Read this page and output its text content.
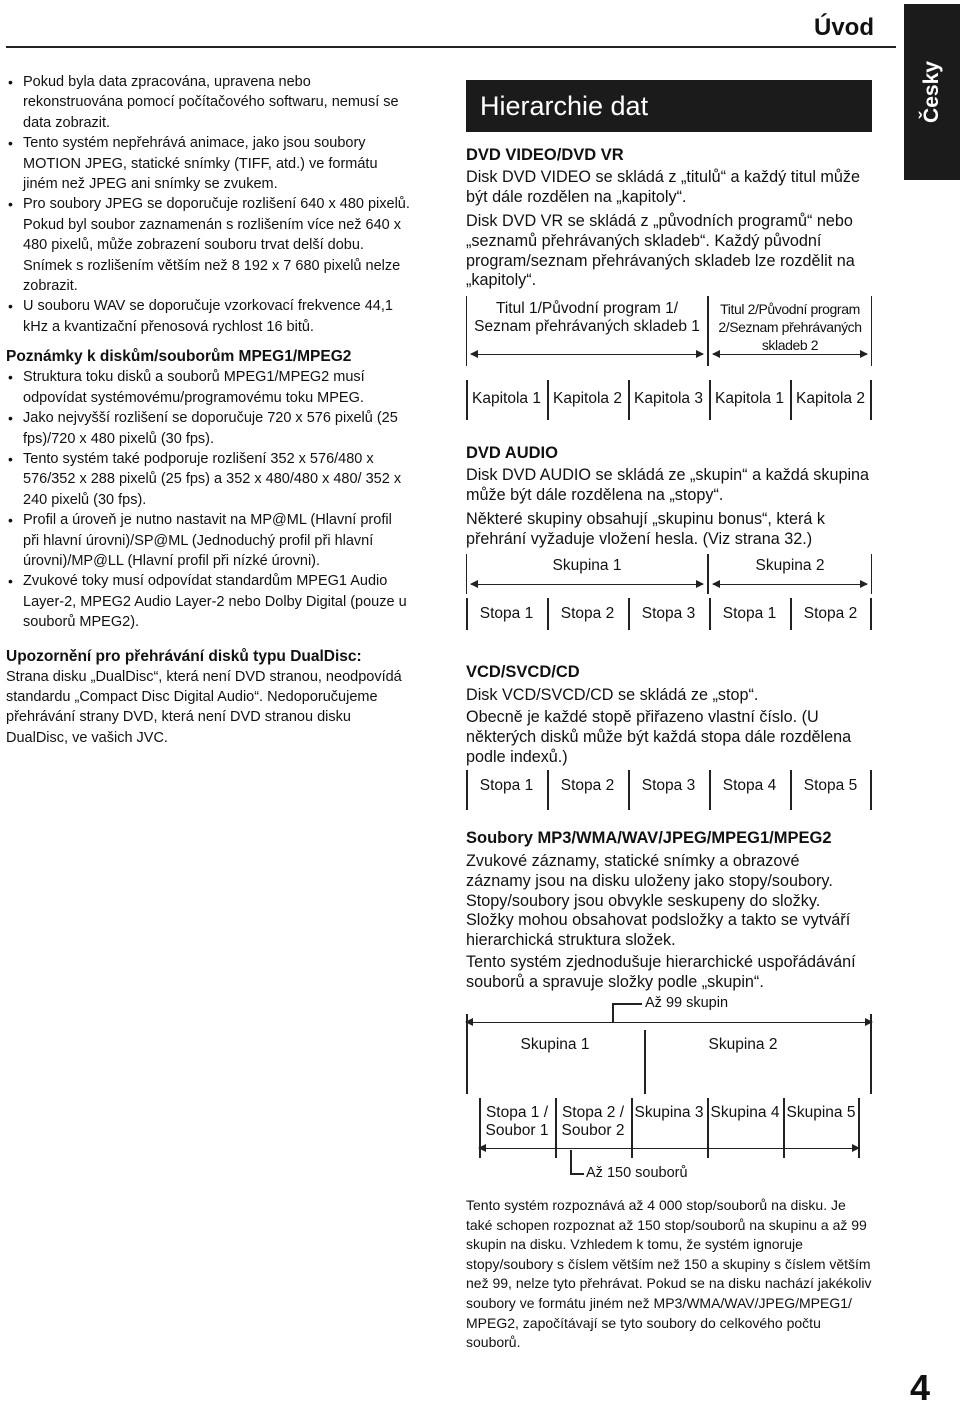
Úvod
Česky
• Pokud byla data zpracována, upravena nebo rekonstruována pomocí počítačového softwaru, nemusí se data zobrazit.
• Tento systém nepřehrává animace, jako jsou soubory MOTION JPEG, statické snímky (TIFF, atd.) ve formátu jiném než JPEG ani snímky se zvukem.
• Pro soubory JPEG se doporučuje rozlišení 640 x 480 pixelů. Pokud byl soubor zaznamenán s rozlišením více než 640 x 480 pixelů, může zobrazení souboru trvat delší dobu. Snímek s rozlišením větším než 8 192 x 7 680 pixelů nelze zobrazit.
• U souboru WAV se doporučuje vzorkovací frekvence 44,1 kHz a kvantizační přenosová rychlost 16 bitů.
Poznámky k diskům/souborům MPEG1/MPEG2
• Struktura toku disků a souborů MPEG1/MPEG2 musí odpovídat systémovému/programovému toku MPEG.
• Jako nejvyšší rozlišení se doporučuje 720 x 576 pixelů (25 fps)/720 x 480 pixelů (30 fps).
• Tento systém také podporuje rozlišení 352 x 576/480 x 576/352 x 288 pixelů (25 fps) a 352 x 480/480 x 480/ 352 x 240 pixelů (30 fps).
• Profil a úroveň je nutno nastavit na MP@ML (Hlavní profil při hlavní úrovni)/SP@ML (Jednoduchý profil při hlavní úrovni)/MP@LL (Hlavní profil při nízké úrovni).
• Zvukové toky musí odpovídat standardům MPEG1 Audio Layer-2, MPEG2 Audio Layer-2 nebo Dolby Digital (pouze u souborů MPEG2).
Upozornění pro přehrávání disků typu DualDisc:

Strana disku „DualDisc“, která není DVD stranou, neodpovídá standardu „Compact Disc Digital Audio“. Nedoporučujeme přehrávání strany DVD, která není DVD stranou disku DualDisc, ve vašich JVC.

Hierarchie dat
DVD VIDEO/DVD VR
Disk DVD VIDEO se skládá z „titulů“ a každý titul může být dále rozdělen na „kapitoly“.
Disk DVD VR se skládá z „původních programů“ nebo „seznamů přehrávaných skladeb“. Každý původní program/seznam přehrávaných skladeb lze rozdělit na „kapitoly“.
Titul 1/Původní program 1/ Seznam přehrávaných skladeb 1
Titul 2/Původní program 2/Seznam přehrávaných skladeb 2
Kapitola 1 Kapitola 2 Kapitola 3 Kapitola 1 Kapitola 2
DVD AUDIO
Disk DVD AUDIO se skládá ze „skupin“ a každá skupina může být dále rozdělena na „stopy“.
Některé skupiny obsahují „skupinu bonus“, která k přehrání vyžaduje vložení hesla. (Viz strana 32.)
Skupina 1	Skupina 2
Stopa 1	Stopa 2	Stopa 3	Stopa 1	Stopa 2
VCD/SVCD/CD
Disk VCD/SVCD/CD se skládá ze „stop“.
Obecně je každé stopě přiřazeno vlastní číslo. (U některých disků může být každá stopa dále rozdělena podle indexů.)
Stopa 1	Stopa 2	Stopa 3	Stopa 4	Stopa 5
Soubory MP3/WMA/WAV/JPEG/MPEG1/MPEG2
Zvukové záznamy, statické snímky a obrazové záznamy jsou na disku uloženy jako stopy/soubory. Stopy/soubory jsou obvykle seskupeny do složky. Složky mohou obsahovat podsložky a takto se vytváří hierarchická struktura složek.
Tento systém zjednodušuje hierarchické uspořádávání souborů a spravuje složky podle „skupin“.
Až 99 skupin
Skupina 1	Skupina 2
Stopa 1 / Soubor 1
Stopa 2 / Soubor 2
Skupina 3 Skupina 4 Skupina 5
Až 150 souborů
Tento systém rozpoznává až 4 000 stop/souborů na disku. Je také schopen rozpoznat až 150 stop/souborů na skupinu a až 99 skupin na disku. Vzhledem k tomu, že systém ignoruje stopy/soubory s číslem větším než 150 a skupiny s číslem větším než 99, nelze tyto přehrávat. Pokud se na disku nachází jakékoliv soubory ve formátu jiném než MP3/WMA/WAV/JPEG/MPEG1/ MPEG2, započítávají se tyto soubory do celkového počtu souborů.
4
